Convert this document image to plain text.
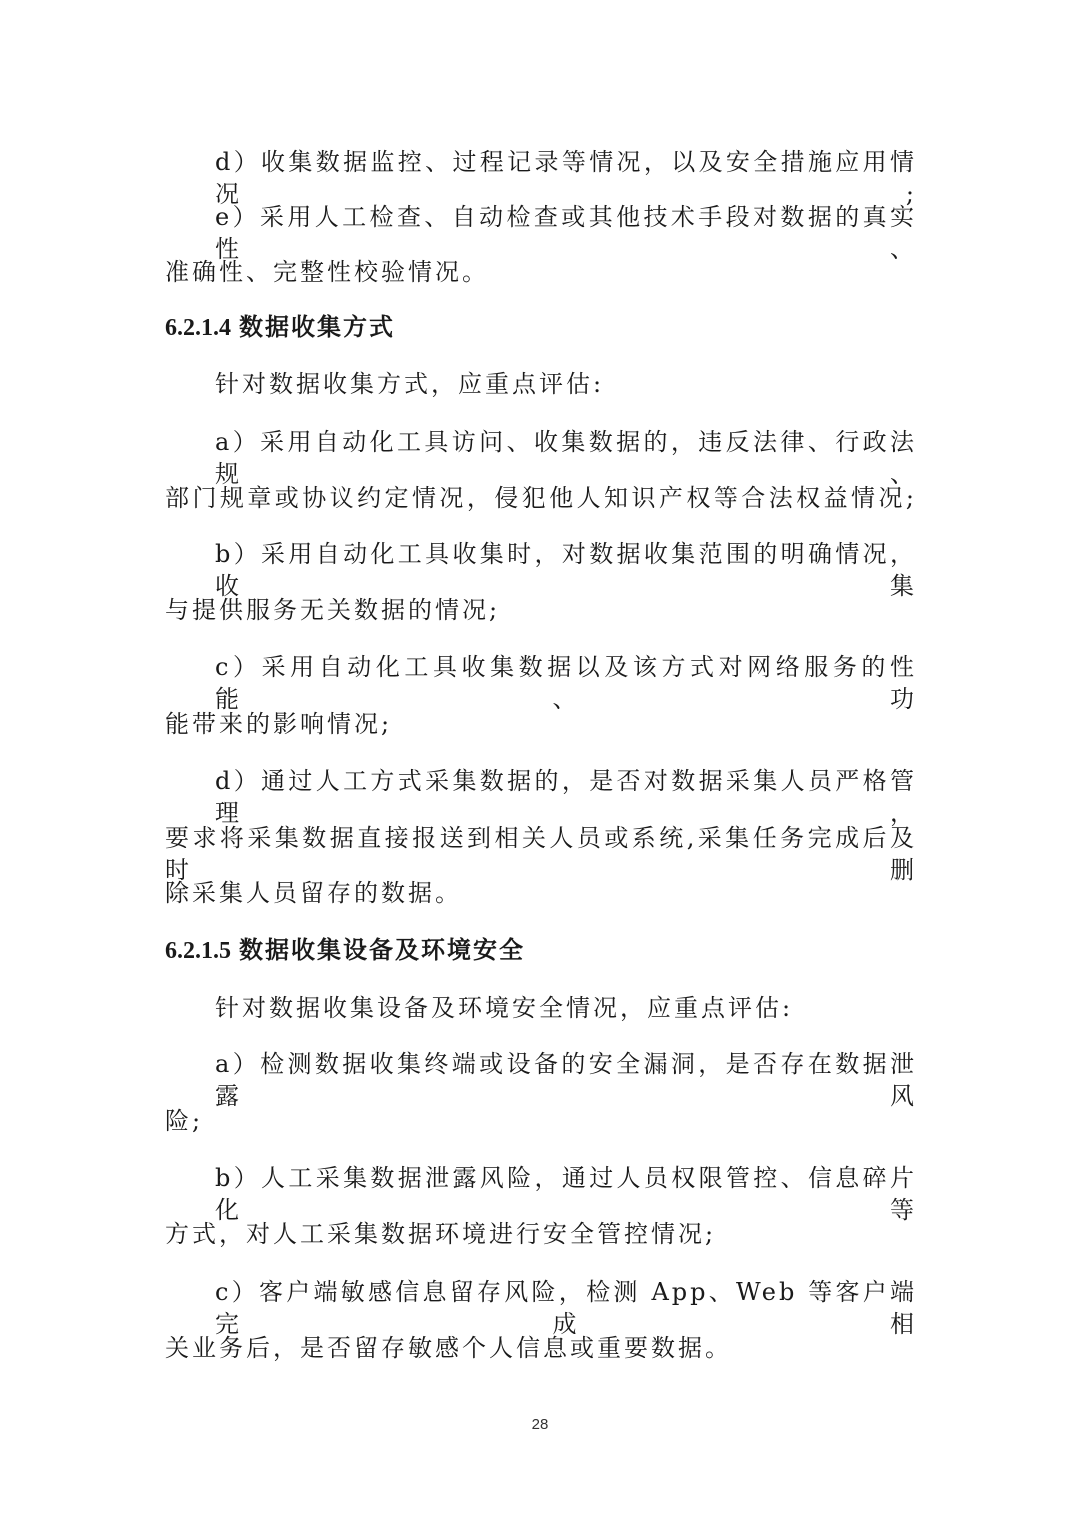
d）收集数据监控、过程记录等情况，以及安全措施应用情况;
e）采用人工检查、自动检查或其他技术手段对数据的真实性、
准确性、完整性校验情况。
6.2.1.4 数据收集方式
针对数据收集方式，应重点评估:
a）采用自动化工具访问、收集数据的，违反法律、行政法规、
部门规章或协议约定情况，侵犯他人知识产权等合法权益情况;
b）采用自动化工具收集时，对数据收集范围的明确情况，收集
与提供服务无关数据的情况;
c）采用自动化工具收集数据以及该方式对网络服务的性能、功
能带来的影响情况;
d）通过人工方式采集数据的，是否对数据采集人员严格管理，
要求将采集数据直接报送到相关人员或系统,采集任务完成后及时删
除采集人员留存的数据。
6.2.1.5 数据收集设备及环境安全
针对数据收集设备及环境安全情况，应重点评估:
a）检测数据收集终端或设备的安全漏洞，是否存在数据泄露风
险;
b）人工采集数据泄露风险，通过人员权限管控、信息碎片化等
方式，对人工采集数据环境进行安全管控情况;
c）客户端敏感信息留存风险，检测 App、Web 等客户端完成相
关业务后，是否留存敏感个人信息或重要数据。
28
